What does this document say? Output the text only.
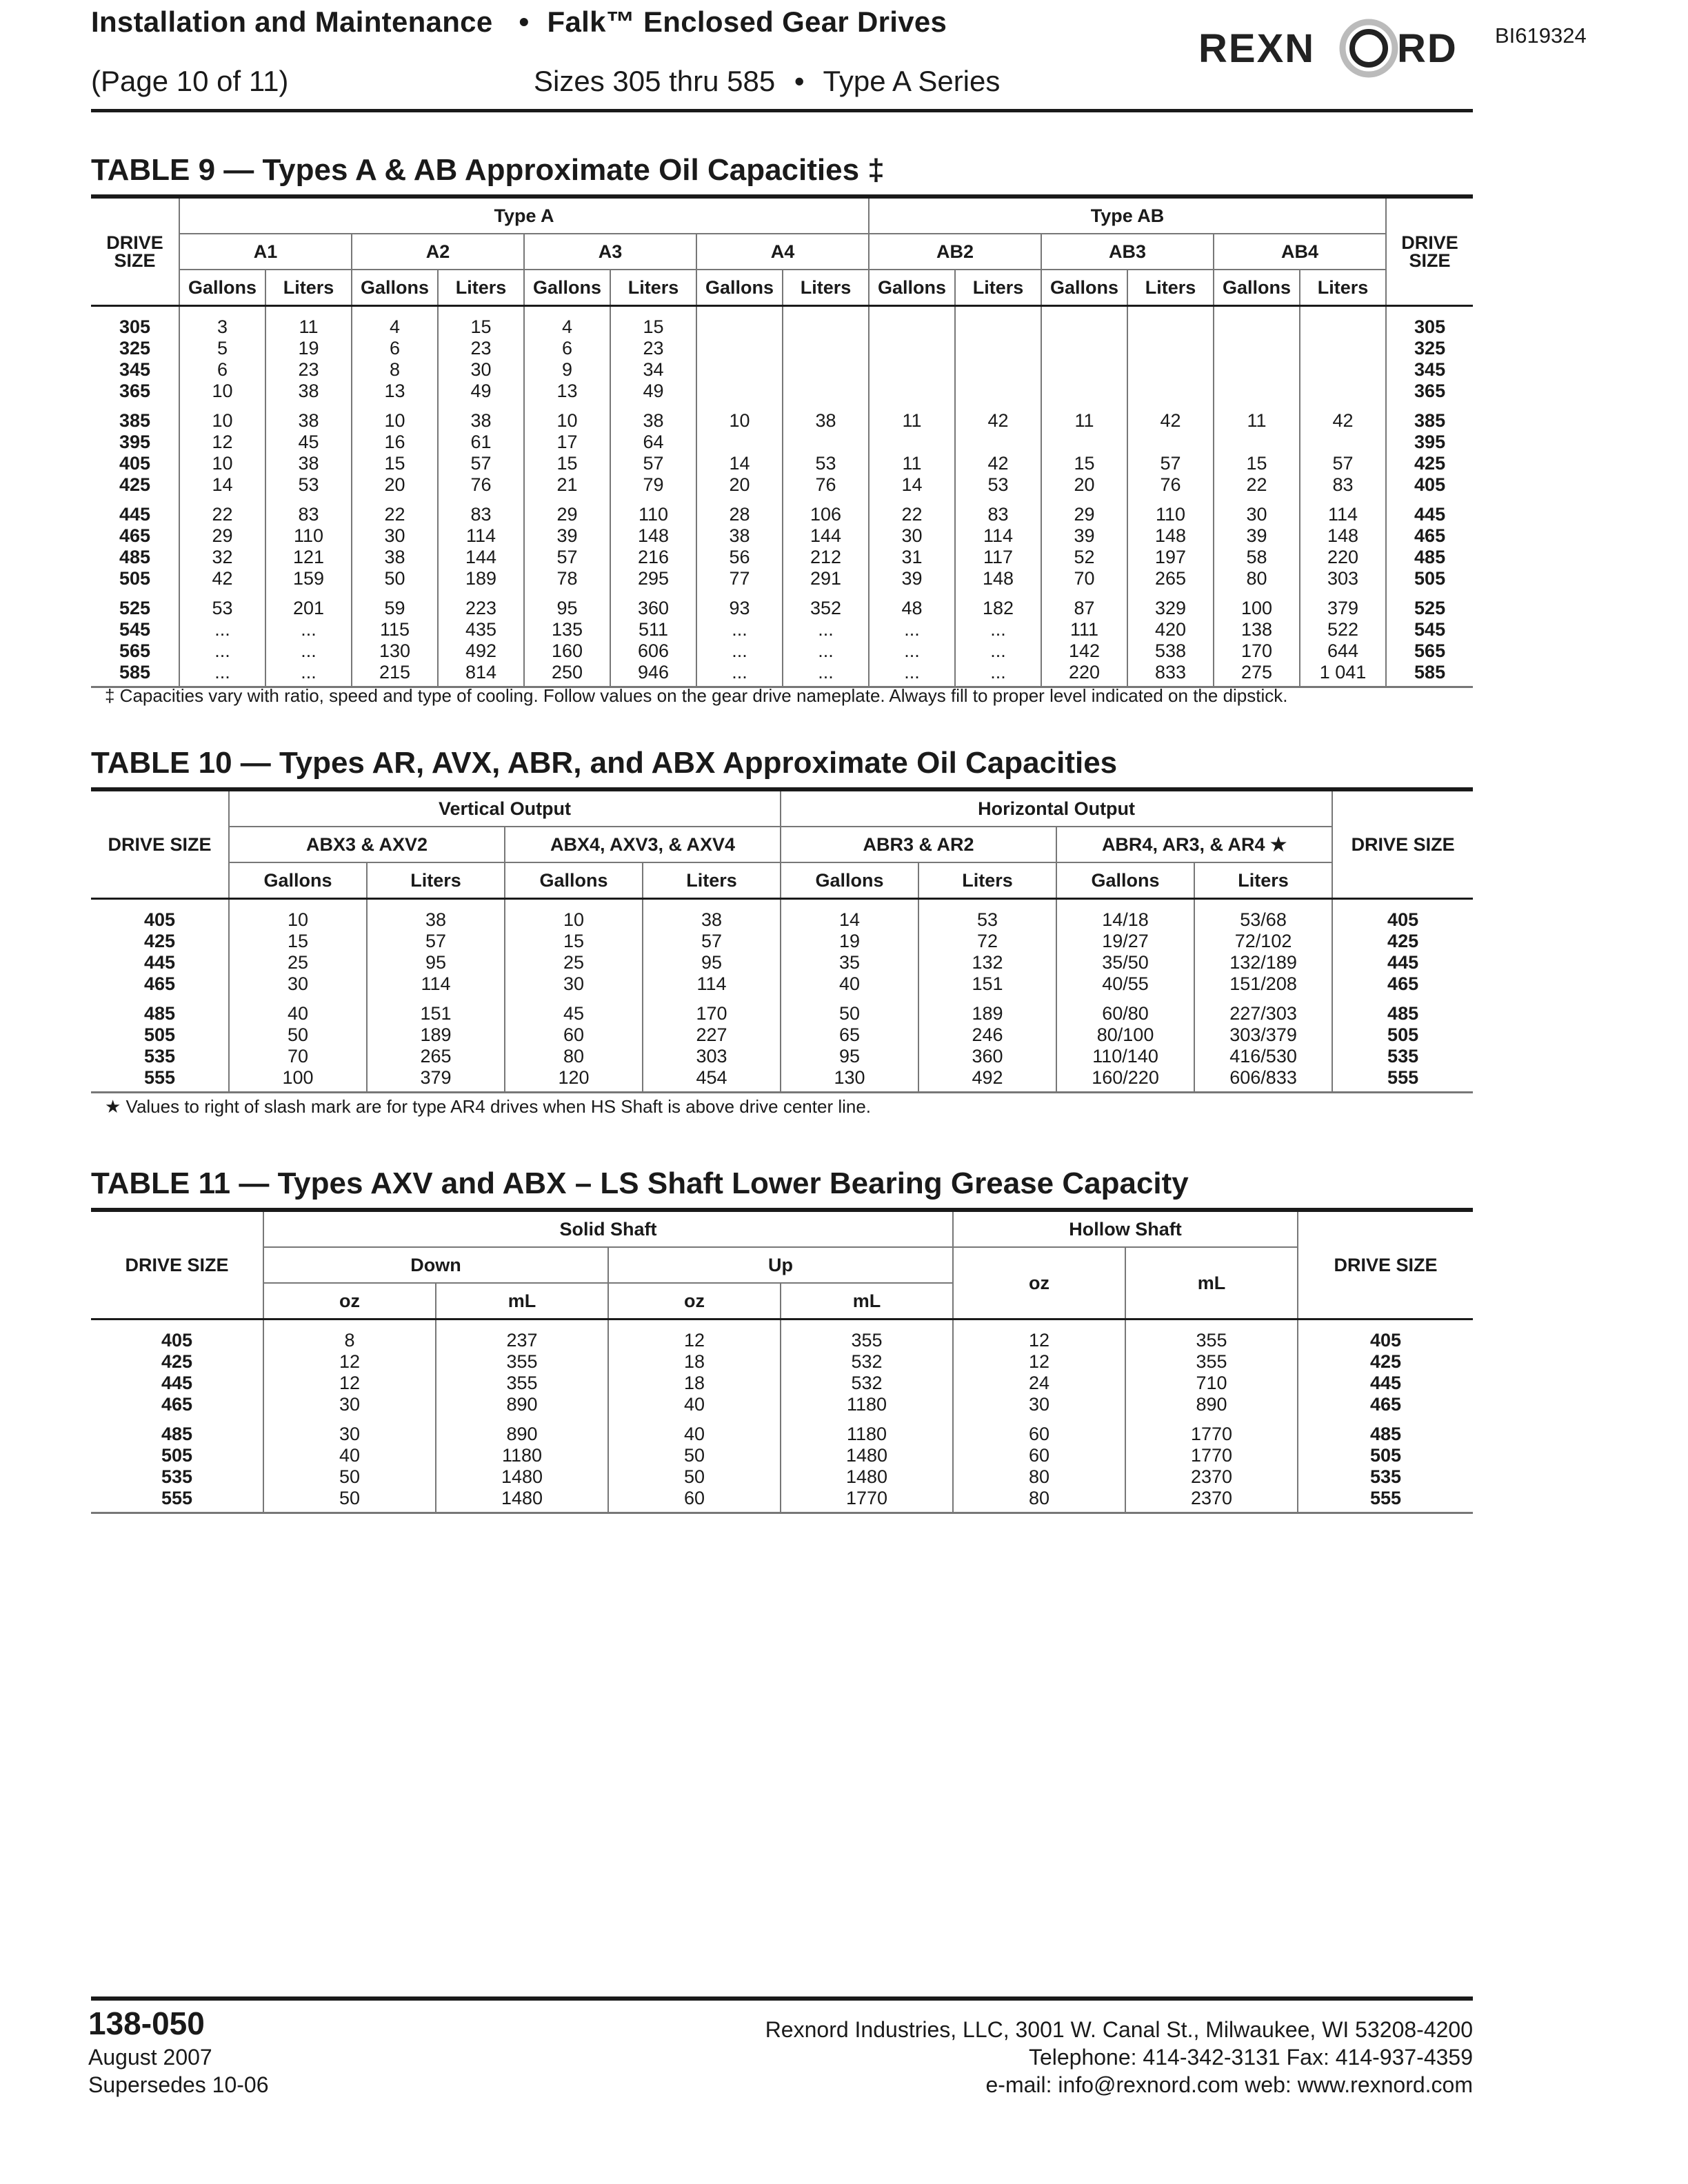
Installation and Maintenance • Falk™ Enclosed Gear Drives
(Page 10 of 11)	Sizes 305 thru 585 • Type A Series
REXN RD BI619324
TABLE 9 — Types A & AB Approximate Oil Capacities ‡
DRIVE SIZE	Type A								Type AB						DRIVE SIZE
	A1		A2		A3		A4		AB2		AB3		AB4		
	Gallons	Liters	Gallons	Liters	Gallons	Liters	Gallons	Liters	Gallons	Liters	Gallons	Liters	Gallons	Liters	
305	3	11	4	15	4	15									305
325	5	19	6	23	6	23									325
345	6	23	8	30	9	34									345
365	10	38	13	49	13	49									365
385	10	38	10	38	10	38	10	38	11	42	11	42	11	42	385
395	12	45	16	61	17	64									395
405	10	38	15	57	15	57	14	53	11	42	15	57	15	57	425
425	14	53	20	76	21	79	20	76	14	53	20	76	22	83	405
445	22	83	22	83	29	110	28	106	22	83	29	110	30	114	445
465	29	110	30	114	39	148	38	144	30	114	39	148	39	148	465
485	32	121	38	144	57	216	56	212	31	117	52	197	58	220	485
505	42	159	50	189	78	295	77	291	39	148	70	265	80	303	505
525	53	201	59	223	95	360	93	352	48	182	87	329	100	379	525
545	...	...	115	435	135	511	...	...	...	...	111	420	138	522	545
565	...	...	130	492	160	606	...	...	...	...	142	538	170	644	565
585	...	...	215	814	250	946	...	...	...	...	220	833	275	1 041	585
‡ Capacities vary with ratio, speed and type of cooling. Follow values on the gear drive nameplate. Always fill to proper level indicated on the dipstick.
TABLE 10 — Types AR, AVX, ABR, and ABX Approximate Oil Capacities
DRIVE SIZE	Vertical Output				Horizontal Output				DRIVE SIZE
	ABX3 & AXV2		ABX4, AXV3, & AXV4		ABR3 & AR2		ABR4, AR3, & AR4 ★		
	Gallons	Liters	Gallons	Liters	Gallons	Liters	Gallons	Liters	
405	10	38	10	38	14	53	14/18	53/68	405
425	15	57	15	57	19	72	19/27	72/102	425
445	25	95	25	95	35	132	35/50	132/189	445
465	30	114	30	114	40	151	40/55	151/208	465
485	40	151	45	170	50	189	60/80	227/303	485
505	50	189	60	227	65	246	80/100	303/379	505
535	70	265	80	303	95	360	110/140	416/530	535
555	100	379	120	454	130	492	160/220	606/833	555
★ Values to right of slash mark are for type AR4 drives when HS Shaft is above drive center line.
TABLE 11 — Types AXV and ABX – LS Shaft Lower Bearing Grease Capacity
DRIVE SIZE	Solid Shaft				Hollow Shaft		DRIVE SIZE
	Down		Up		oz	mL	
	oz	mL	oz	mL			
405	8	237	12	355	12	355	405
425	12	355	18	532	12	355	425
445	12	355	18	532	24	710	445
465	30	890	40	1180	30	890	465
485	30	890	40	1180	60	1770	485
505	40	1180	50	1480	60	1770	505
535	50	1480	50	1480	80	2370	535
555	50	1480	60	1770	80	2370	555
138-050
August 2007
Supersedes 10-06
Rexnord Industries, LLC, 3001 W. Canal St., Milwaukee, WI 53208-4200
Telephone: 414-342-3131 Fax: 414-937-4359
e-mail: info@rexnord.com web: www.rexnord.com
